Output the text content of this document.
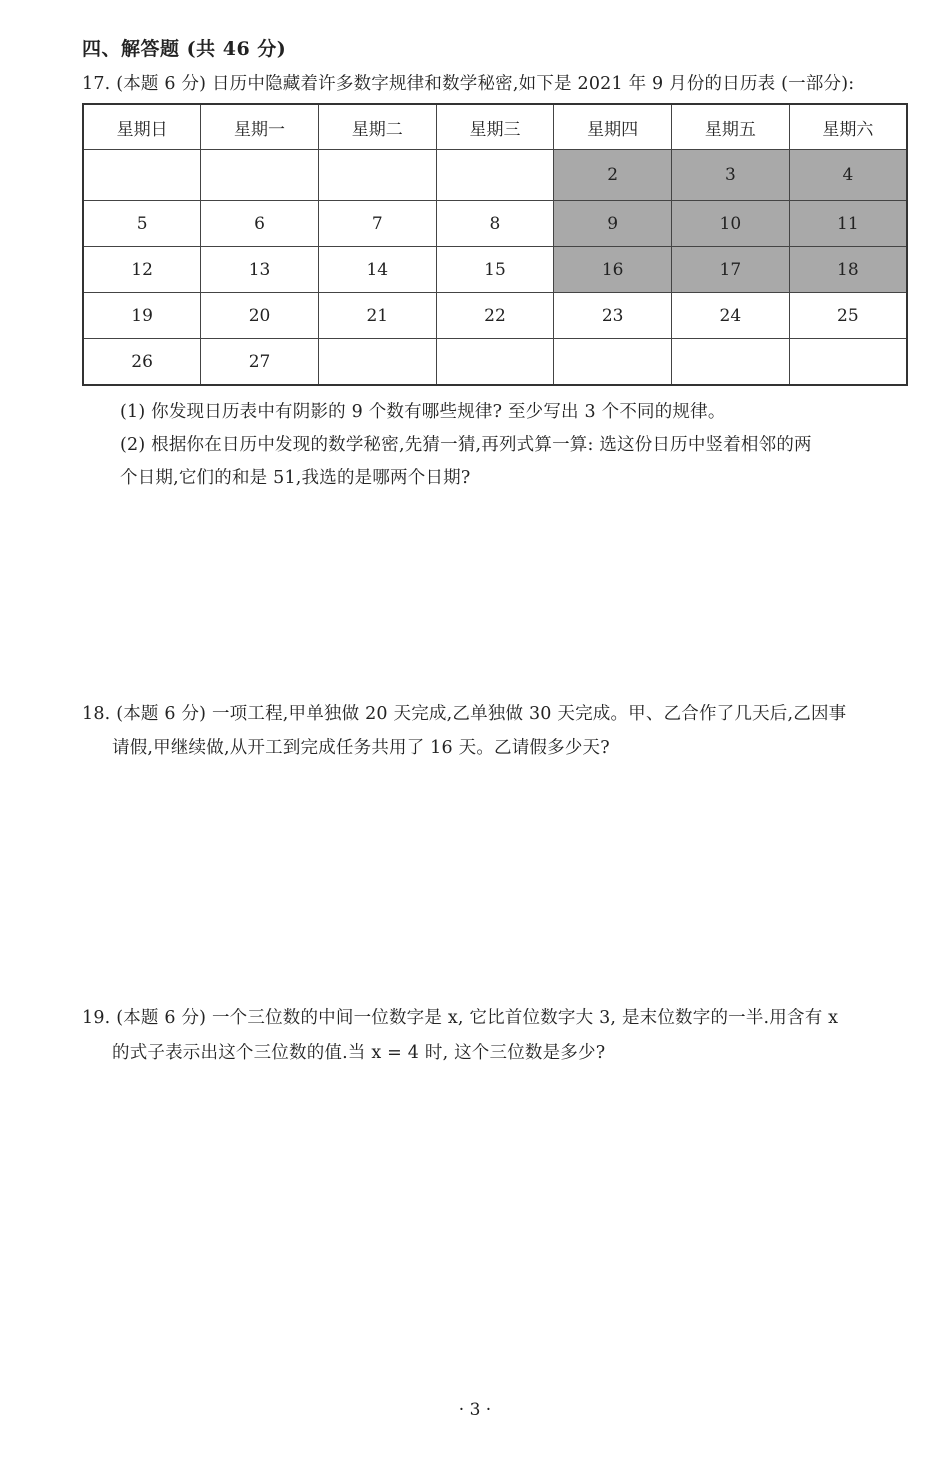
四、解答题 (共 46 分)
17. (本题 6 分) 日历中隐藏着许多数字规律和数学秘密,如下是 2021 年 9 月份的日历表 (一部分):
星期日	星期一	星期二	星期三	星期四	星期五	星期六
				2	3	4
5	6	7	8	9	10	11
12	13	14	15	16	17	18
19	20	21	22	23	24	25
26	27					
(1) 你发现日历表中有阴影的 9 个数有哪些规律? 至少写出 3 个不同的规律。
(2) 根据你在日历中发现的数学秘密,先猜一猜,再列式算一算: 选这份日历中竖着相邻的两
个日期,它们的和是 51,我选的是哪两个日期?
18. (本题 6 分) 一项工程,甲单独做 20 天完成,乙单独做 30 天完成。甲、乙合作了几天后,乙因事
请假,甲继续做,从开工到完成任务共用了 16 天。乙请假多少天?
19. (本题 6 分) 一个三位数的中间一位数字是 x, 它比首位数字大 3, 是末位数字的一半.用含有 x
的式子表示出这个三位数的值.当 x = 4 时, 这个三位数是多少?
· 3 ·
